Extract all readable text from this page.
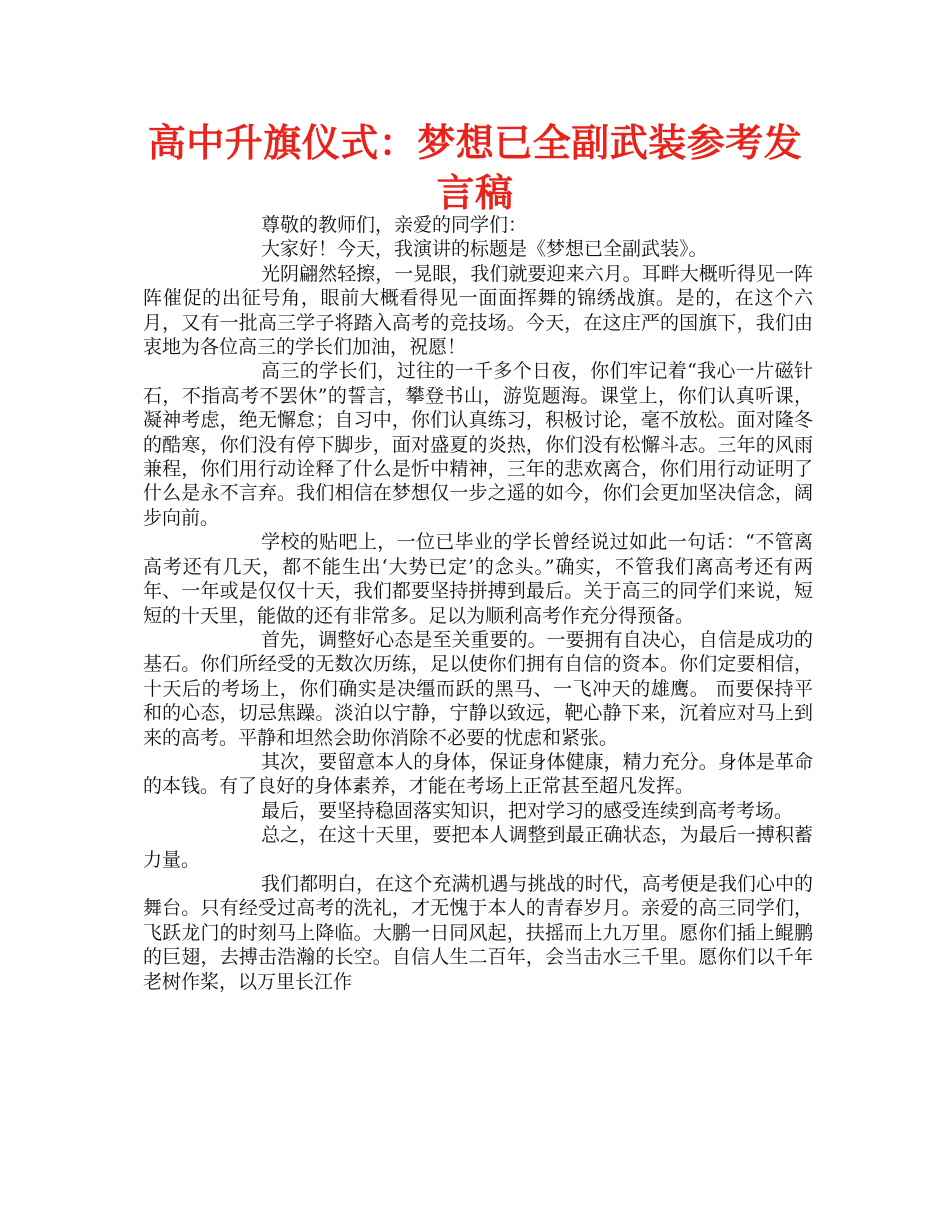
高中升旗仪式：梦想已全副武装参考发言稿

尊敬的教师们，亲爱的同学们：

大家好！今天，我演讲的标题是《梦想已全副武装》。

光阴翩然轻擦，一晃眼，我们就要迎来六月。耳畔大概听得见一阵阵催促的出征号角，眼前大概看得见一面面挥舞的锦绣战旗。是的，在这个六月，又有一批高三学子将踏入高考的竞技场。今天，在这庄严的国旗下，我们由衷地为各位高三的学长们加油，祝愿！

高三的学长们，过往的一千多个日夜，你们牢记着“我心一片磁针石，不指高考不罢休”的誓言，攀登书山，游览题海。课堂上，你们认真听课，凝神考虑，绝无懈怠；自习中，你们认真练习，积极讨论，毫不放松。面对隆冬的酷寒，你们没有停下脚步，面对盛夏的炎热，你们没有松懈斗志。三年的风雨兼程，你们用行动诠释了什么是忻中精神，三年的悲欢离合，你们用行动证明了什么是永不言弃。我们相信在梦想仅一步之遥的如今，你们会更加坚决信念，阔步向前。

学校的贴吧上，一位已毕业的学长曾经说过如此一句话：“不管离高考还有几天，都不能生出‘大势已定’的念头。”确实，不管我们离高考还有两年、一年或是仅仅十天，我们都要坚持拼搏到最后。关于高三的同学们来说，短短的十天里，能做的还有非常多。足以为顺利高考作充分得预备。

首先，调整好心态是至关重要的。一要拥有自决心，自信是成功的基石。你们所经受的无数次历练，足以使你们拥有自信的资本。你们定要相信，十天后的考场上，你们确实是决缰而跃的黑马、一飞冲天的雄鹰。 而要保持平和的心态，切忌焦躁。淡泊以宁静，宁静以致远，靶心静下来，沉着应对马上到来的高考。平静和坦然会助你消除不必要的忧虑和紧张。

其次，要留意本人的身体，保证身体健康，精力充分。身体是革命的本钱。有了良好的身体素养，才能在考场上正常甚至超凡发挥。

最后，要坚持稳固落实知识，把对学习的感受连续到高考考场。

总之，在这十天里，要把本人调整到最正确状态，为最后一搏积蓄力量。

我们都明白，在这个充满机遇与挑战的时代，高考便是我们心中的舞台。只有经受过高考的洗礼，才无愧于本人的青春岁月。亲爱的高三同学们，飞跃龙门的时刻马上降临。大鹏一日同风起，扶摇而上九万里。愿你们插上鲲鹏的巨翅，去搏击浩瀚的长空。自信人生二百年，会当击水三千里。愿你们以千年老树作桨，以万里长江作
